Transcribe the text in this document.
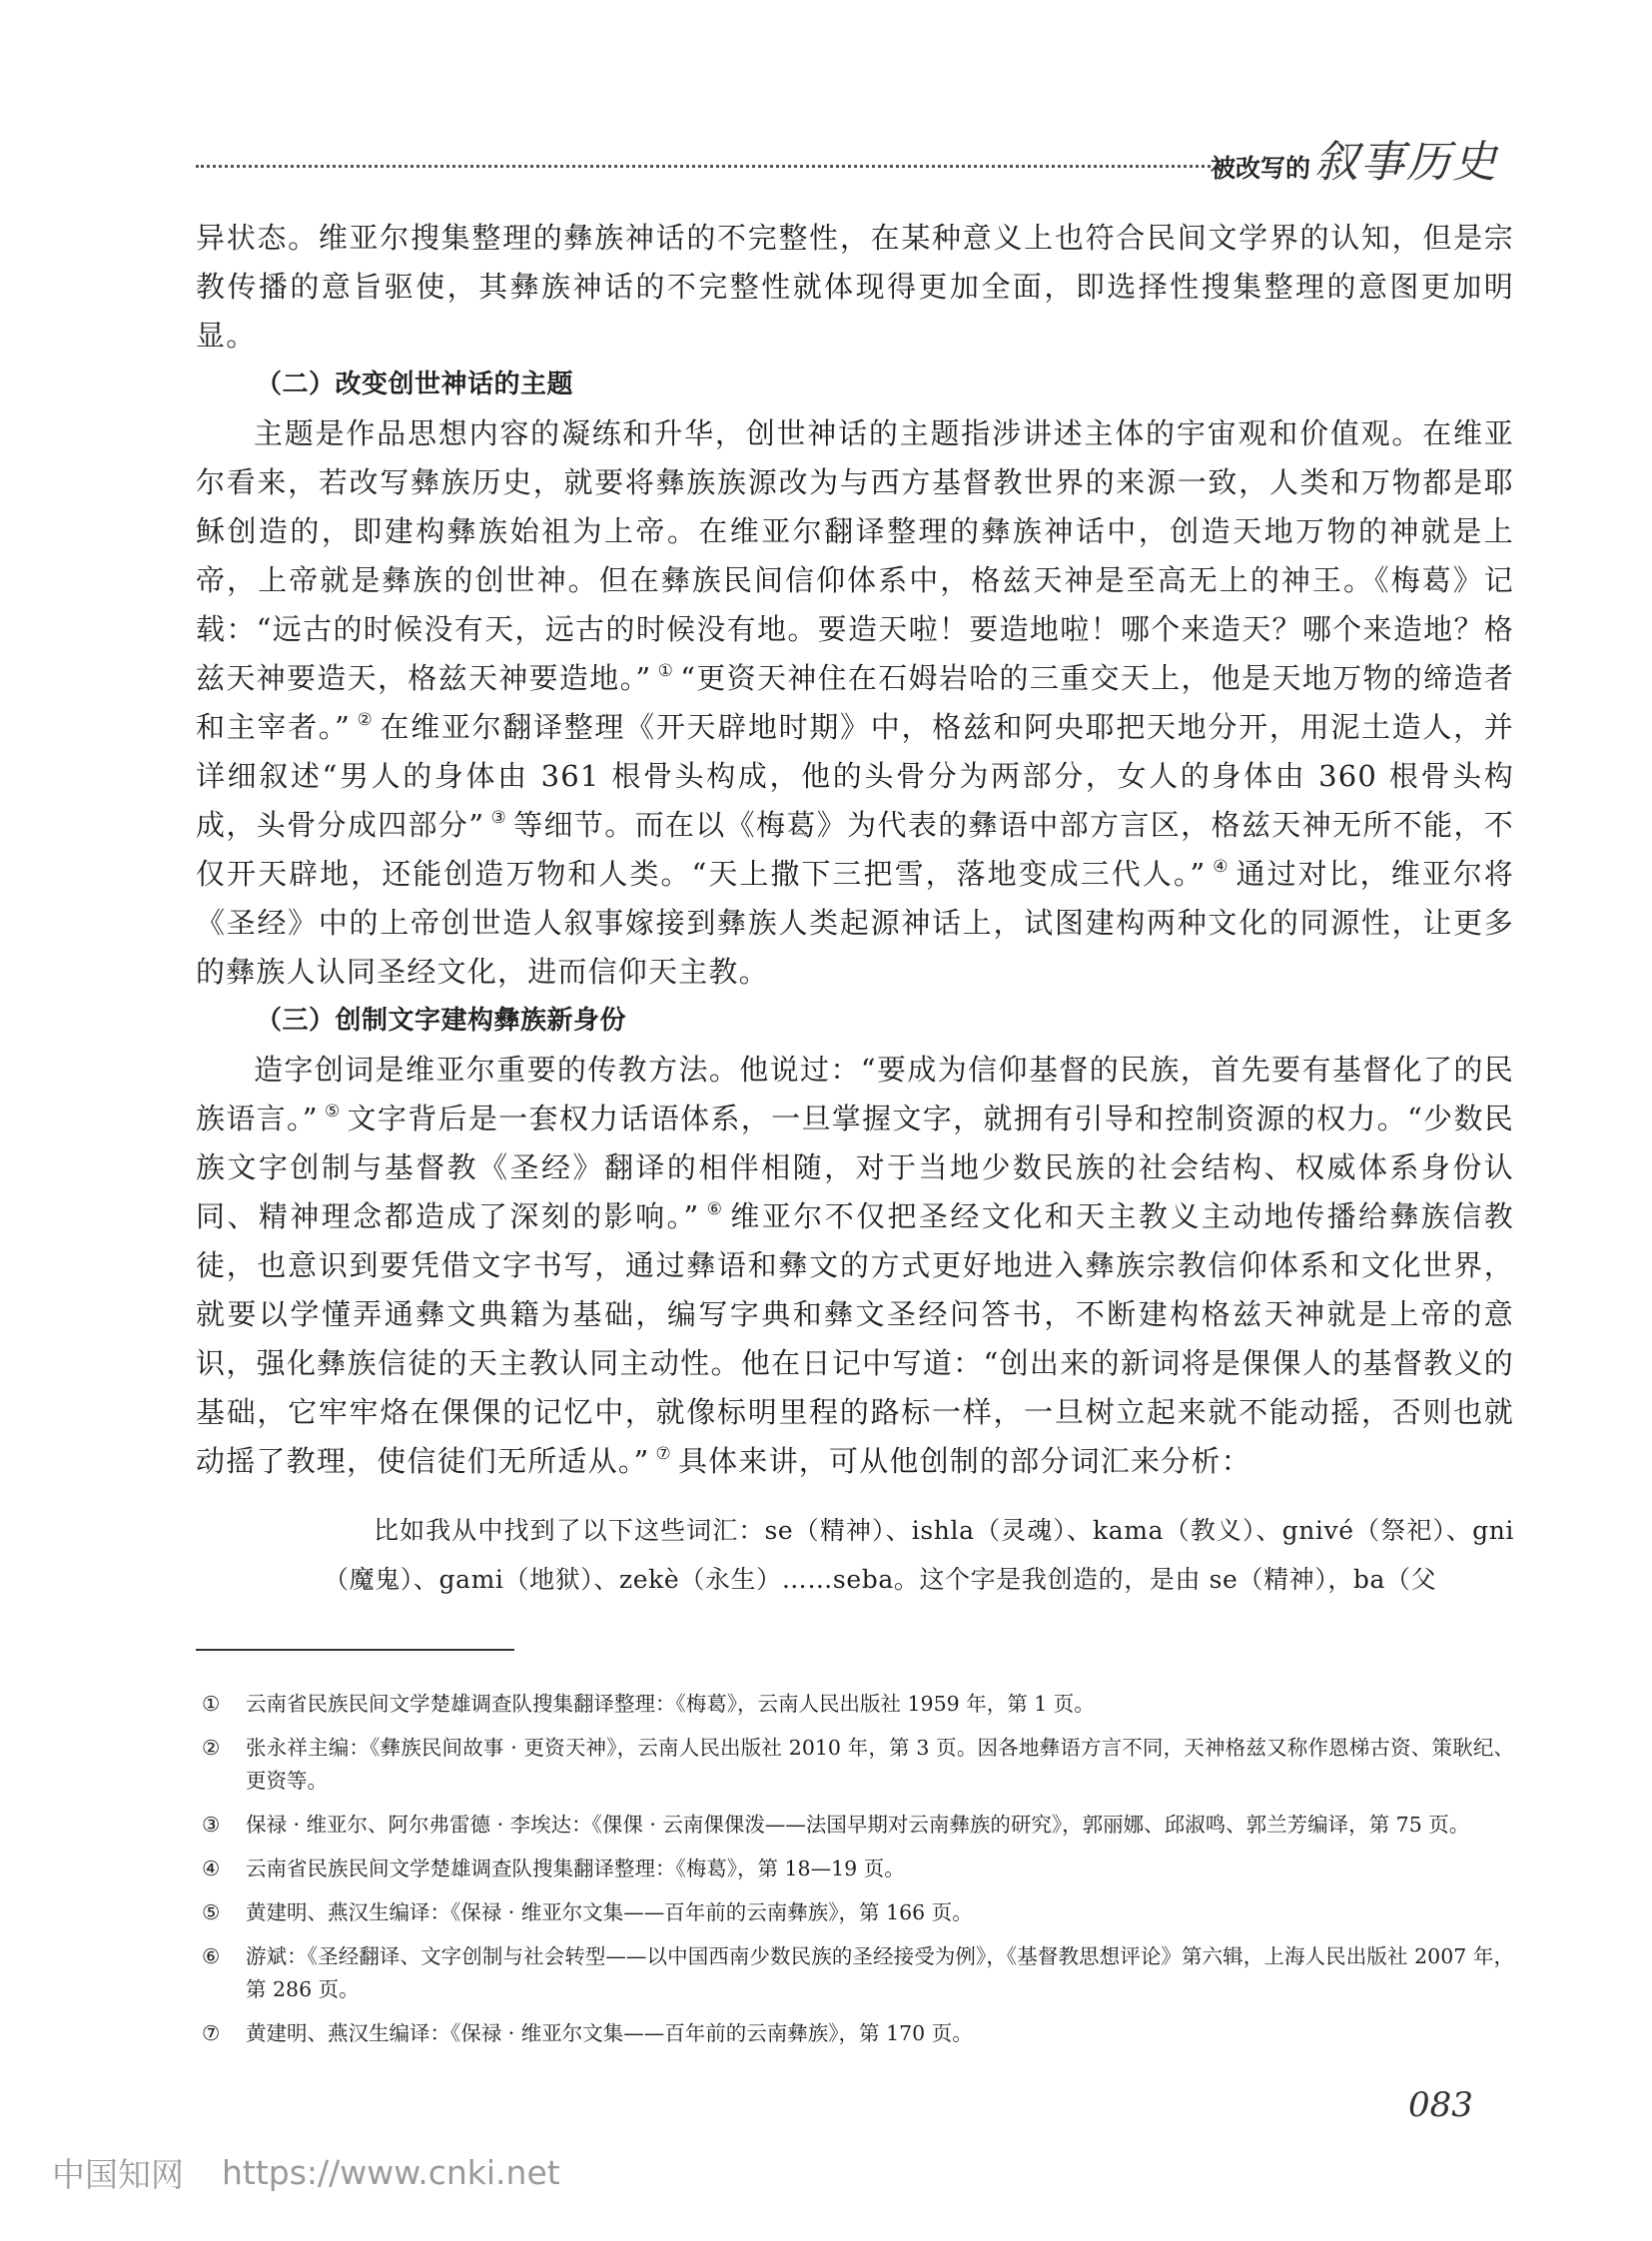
被改写的 叙事历史

异状态。维亚尔搜集整理的彝族神话的不完整性，在某种意义上也符合民间文学界的认知，但是宗教传播的意旨驱使，其彝族神话的不完整性就体现得更加全面，即选择性搜集整理的意图更加明显。

（二）改变创世神话的主题

主题是作品思想内容的凝练和升华，创世神话的主题指涉讲述主体的宇宙观和价值观。在维亚尔看来，若改写彝族历史，就要将彝族族源改为与西方基督教世界的来源一致，人类和万物都是耶稣创造的，即建构彝族始祖为上帝。在维亚尔翻译整理的彝族神话中，创造天地万物的神就是上帝，上帝就是彝族的创世神。但在彝族民间信仰体系中，格兹天神是至高无上的神王。《梅葛》记载：“远古的时候没有天，远古的时候没有地。要造天啦！要造地啦！哪个来造天？哪个来造地？格兹天神要造天，格兹天神要造地。” ① “更资天神住在石姆岩哈的三重交天上，他是天地万物的缔造者和主宰者。” ② 在维亚尔翻译整理《开天辟地时期》中，格兹和阿央耶把天地分开，用泥土造人，并详细叙述“男人的身体由 361 根骨头构成，他的头骨分为两部分，女人的身体由 360 根骨头构成，头骨分成四部分” ③ 等细节。而在以《梅葛》为代表的彝语中部方言区，格兹天神无所不能，不仅开天辟地，还能创造万物和人类。“天上撒下三把雪，落地变成三代人。” ④ 通过对比，维亚尔将《圣经》中的上帝创世造人叙事嫁接到彝族人类起源神话上，试图建构两种文化的同源性，让更多的彝族人认同圣经文化，进而信仰天主教。

（三）创制文字建构彝族新身份

造字创词是维亚尔重要的传教方法。他说过：“要成为信仰基督的民族，首先要有基督化了的民族语言。” ⑤ 文字背后是一套权力话语体系，一旦掌握文字，就拥有引导和控制资源的权力。“少数民族文字创制与基督教《圣经》翻译的相伴相随，对于当地少数民族的社会结构、权威体系身份认同、精神理念都造成了深刻的影响。” ⑥ 维亚尔不仅把圣经文化和天主教义主动地传播给彝族信教徒，也意识到要凭借文字书写，通过彝语和彝文的方式更好地进入彝族宗教信仰体系和文化世界，就要以学懂弄通彝文典籍为基础，编写字典和彝文圣经问答书，不断建构格兹天神就是上帝的意识，强化彝族信徒的天主教认同主动性。他在日记中写道：“创出来的新词将是倮倮人的基督教义的基础，它牢牢烙在倮倮的记忆中，就像标明里程的路标一样，一旦树立起来就不能动摇，否则也就动摇了教理，使信徒们无所适从。” ⑦ 具体来讲，可从他创制的部分词汇来分析：

比如我从中找到了以下这些词汇：se（精神）、ishla（灵魂）、kama（教义）、gnivé（祭祀）、gni（魔鬼）、gami（地狱）、zekè（永生）……seba。这个字是我创造的，是由 se（精神），ba（父

①	云南省民族民间文学楚雄调查队搜集翻译整理：《梅葛》，云南人民出版社 1959 年，第 1 页。
②	张永祥主编：《彝族民间故事 · 更资天神》，云南人民出版社 2010 年，第 3 页。因各地彝语方言不同，天神格兹又称作恩梯古资、策耿纪、更资等。
③	保禄 · 维亚尔、阿尔弗雷德 · 李埃达：《倮倮 · 云南倮倮泼——法国早期对云南彝族的研究》，郭丽娜、邱淑鸣、郭兰芳编译，第 75 页。
④	云南省民族民间文学楚雄调查队搜集翻译整理：《梅葛》，第 18—19 页。
⑤	黄建明、燕汉生编译：《保禄 · 维亚尔文集——百年前的云南彝族》，第 166 页。
⑥	游斌：《圣经翻译、文字创制与社会转型——以中国西南少数民族的圣经接受为例》，《基督教思想评论》第六辑，上海人民出版社 2007 年，第 286 页。
⑦	黄建明、燕汉生编译：《保禄 · 维亚尔文集——百年前的云南彝族》，第 170 页。
083
中国知网 https://www.cnki.net
